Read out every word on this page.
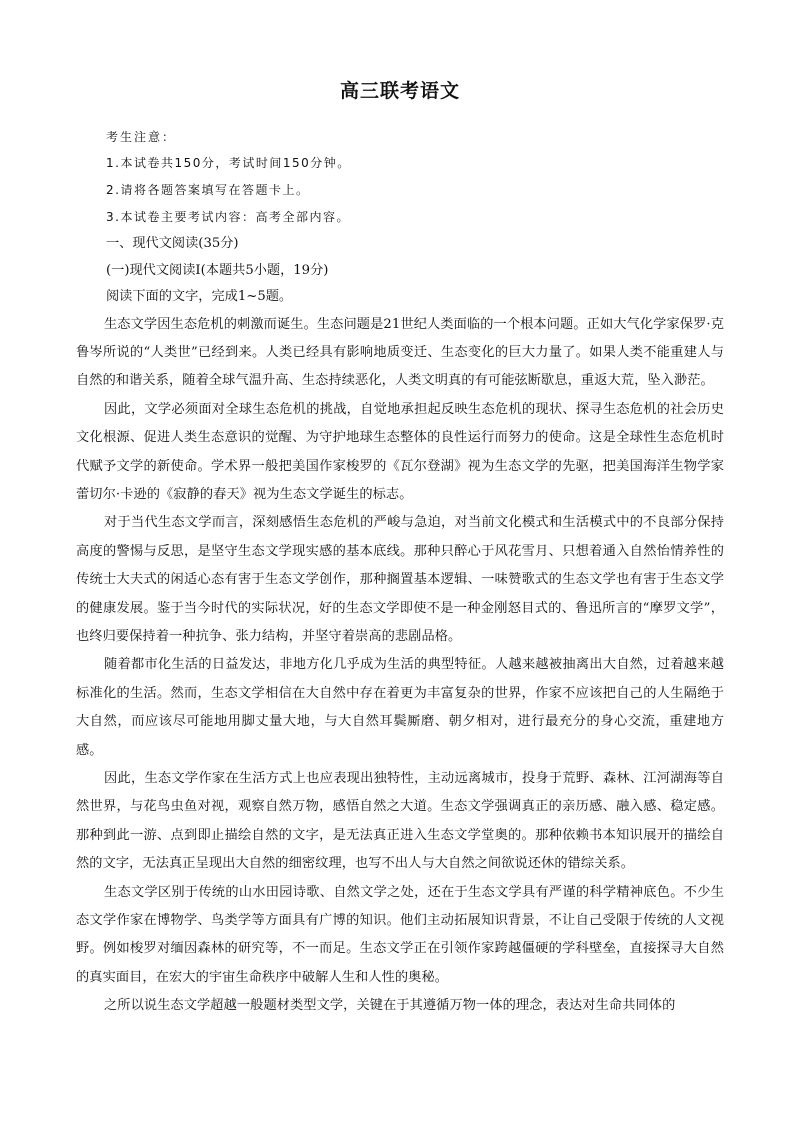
高三联考语文
考生注意：
1.本试卷共150分，考试时间150分钟。
2.请将各题答案填写在答题卡上。
3.本试卷主要考试内容：高考全部内容。
一、现代文阅读(35分)
(一)现代文阅读Ⅰ(本题共5小题，19分)
阅读下面的文字，完成1~5题。

生态文学因生态危机的刺激而诞生。生态问题是21世纪人类面临的一个根本问题。正如大气化学家保罗·克鲁岑所说的“人类世”已经到来。人类已经具有影响地质变迁、生态变化的巨大力量了。如果人类不能重建人与自然的和谐关系，随着全球气温升高、生态持续恶化，人类文明真的有可能弦断歇息，重返大荒，坠入渺茫。

因此，文学必须面对全球生态危机的挑战，自觉地承担起反映生态危机的现状、探寻生态危机的社会历史文化根源、促进人类生态意识的觉醒、为守护地球生态整体的良性运行而努力的使命。这是全球性生态危机时代赋予文学的新使命。学术界一般把美国作家梭罗的《瓦尔登湖》视为生态文学的先驱，把美国海洋生物学家蕾切尔·卡逊的《寂静的春天》视为生态文学诞生的标志。

对于当代生态文学而言，深刻感悟生态危机的严峻与急迫，对当前文化模式和生活模式中的不良部分保持高度的警惕与反思，是坚守生态文学现实感的基本底线。那种只醉心于风花雪月、只想着通入自然怡情养性的传统士大夫式的闲适心态有害于生态文学创作，那种搁置基本逻辑、一味赞歌式的生态文学也有害于生态文学的健康发展。鉴于当今时代的实际状况，好的生态文学即使不是一种金刚怒目式的、鲁迅所言的“摩罗文学”，也终归要保持着一种抗争、张力结构，并坚守着崇高的悲剧品格。

随着都市化生活的日益发达，非地方化几乎成为生活的典型特征。人越来越被抽离出大自然，过着越来越标准化的生活。然而，生态文学相信在大自然中存在着更为丰富复杂的世界，作家不应该把自己的人生隔绝于大自然，而应该尽可能地用脚丈量大地，与大自然耳鬓厮磨、朝夕相对，进行最充分的身心交流，重建地方感。

因此，生态文学作家在生活方式上也应表现出独特性，主动远离城市，投身于荒野、森林、江河湖海等自然世界，与花鸟虫鱼对视，观察自然万物，感悟自然之大道。生态文学强调真正的亲历感、融入感、稳定感。那种到此一游、点到即止描绘自然的文字，是无法真正进入生态文学堂奥的。那种依赖书本知识展开的描绘自然的文字，无法真正呈现出大自然的细密纹理，也写不出人与大自然之间欲说还休的错综关系。

生态文学区别于传统的山水田园诗歌、自然文学之处，还在于生态文学具有严谨的科学精神底色。不少生态文学作家在博物学、鸟类学等方面具有广博的知识。他们主动拓展知识背景，不让自己受限于传统的人文视野。例如梭罗对缅因森林的研究等，不一而足。生态文学正在引领作家跨越僵硬的学科壁垒，直接探寻大自然的真实面目，在宏大的宇宙生命秩序中破解人生和人性的奥秘。

之所以说生态文学超越一般题材类型文学，关键在于其遵循万物一体的理念，表达对生命共同体的
